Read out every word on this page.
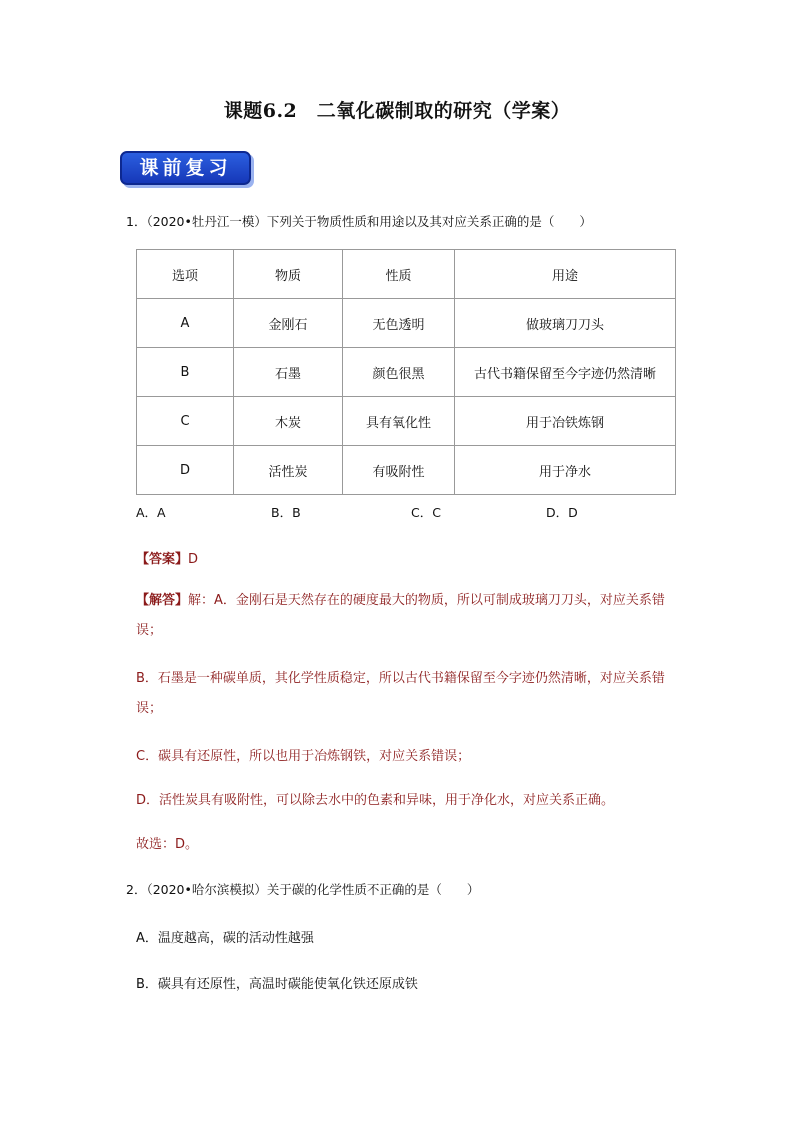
课题6.2　二氧化碳制取的研究（学案）
课前复习
1．（2020•牡丹江一模）下列关于物质性质和用途以及其对应关系正确的是（　　）
选项	物质	性质	用途
A	金刚石	无色透明	做玻璃刀刀头
B	石墨	颜色很黑	古代书籍保留至今字迹仍然清晰
C	木炭	具有氧化性	用于冶铁炼钢
D	活性炭	有吸附性	用于净水
A．A	B．B	C．C	D．D
【答案】D
【解答】解：A．金刚石是天然存在的硬度最大的物质，所以可制成玻璃刀刀头，对应关系错误；
B．石墨是一种碳单质，其化学性质稳定，所以古代书籍保留至今字迹仍然清晰，对应关系错误；
C．碳具有还原性，所以也用于冶炼钢铁，对应关系错误；
D．活性炭具有吸附性，可以除去水中的色素和异味，用于净化水，对应关系正确。
故选：D。
2．（2020•哈尔滨模拟）关于碳的化学性质不正确的是（　　）
A．温度越高，碳的活动性越强
B．碳具有还原性，高温时碳能使氧化铁还原成铁
